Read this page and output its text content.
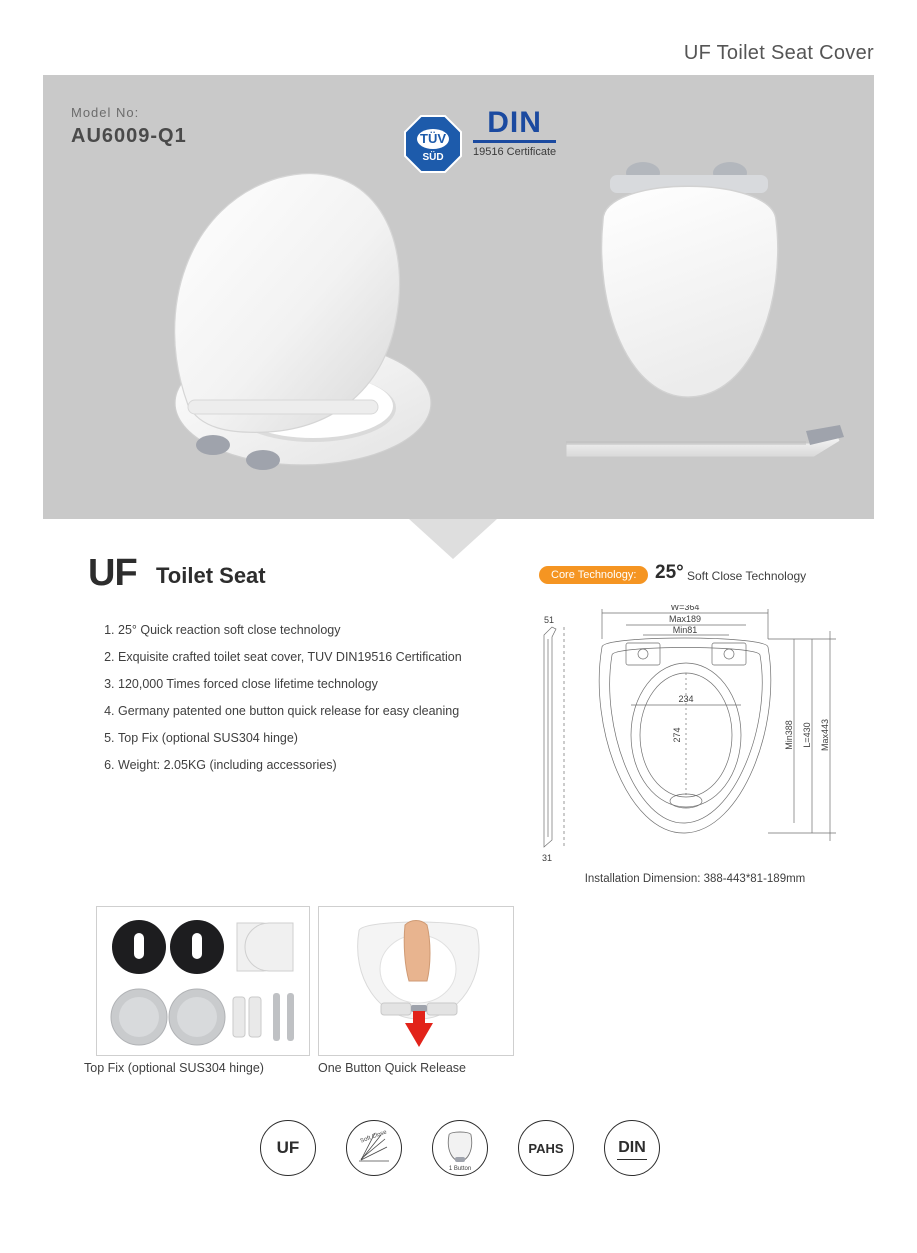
UF Toilet Seat Cover
Model No:
AU6009-Q1	TÜV
SÜD
DIN
19516 Certificate
UF Toilet Seat
1. 25° Quick reaction soft close technology
2. Exquisite crafted toilet seat cover, TUV DIN19516 Certification
3. 120,000 Times forced close lifetime technology
4. Germany patented one button quick release for easy cleaning
5. Top Fix (optional SUS304 hinge)
6. Weight: 2.05KG (including accessories)
Core Technology: 25° Soft Close Technology
W=364
Max189
Min81
51
31
234
274	Min388 L=430 Max443
Installation Dimension: 388-443*81-189mm
Top Fix (optional SUS304 hinge)	One Button Quick Release
UF
Soft Close
1 Button
PAHS	DIN
